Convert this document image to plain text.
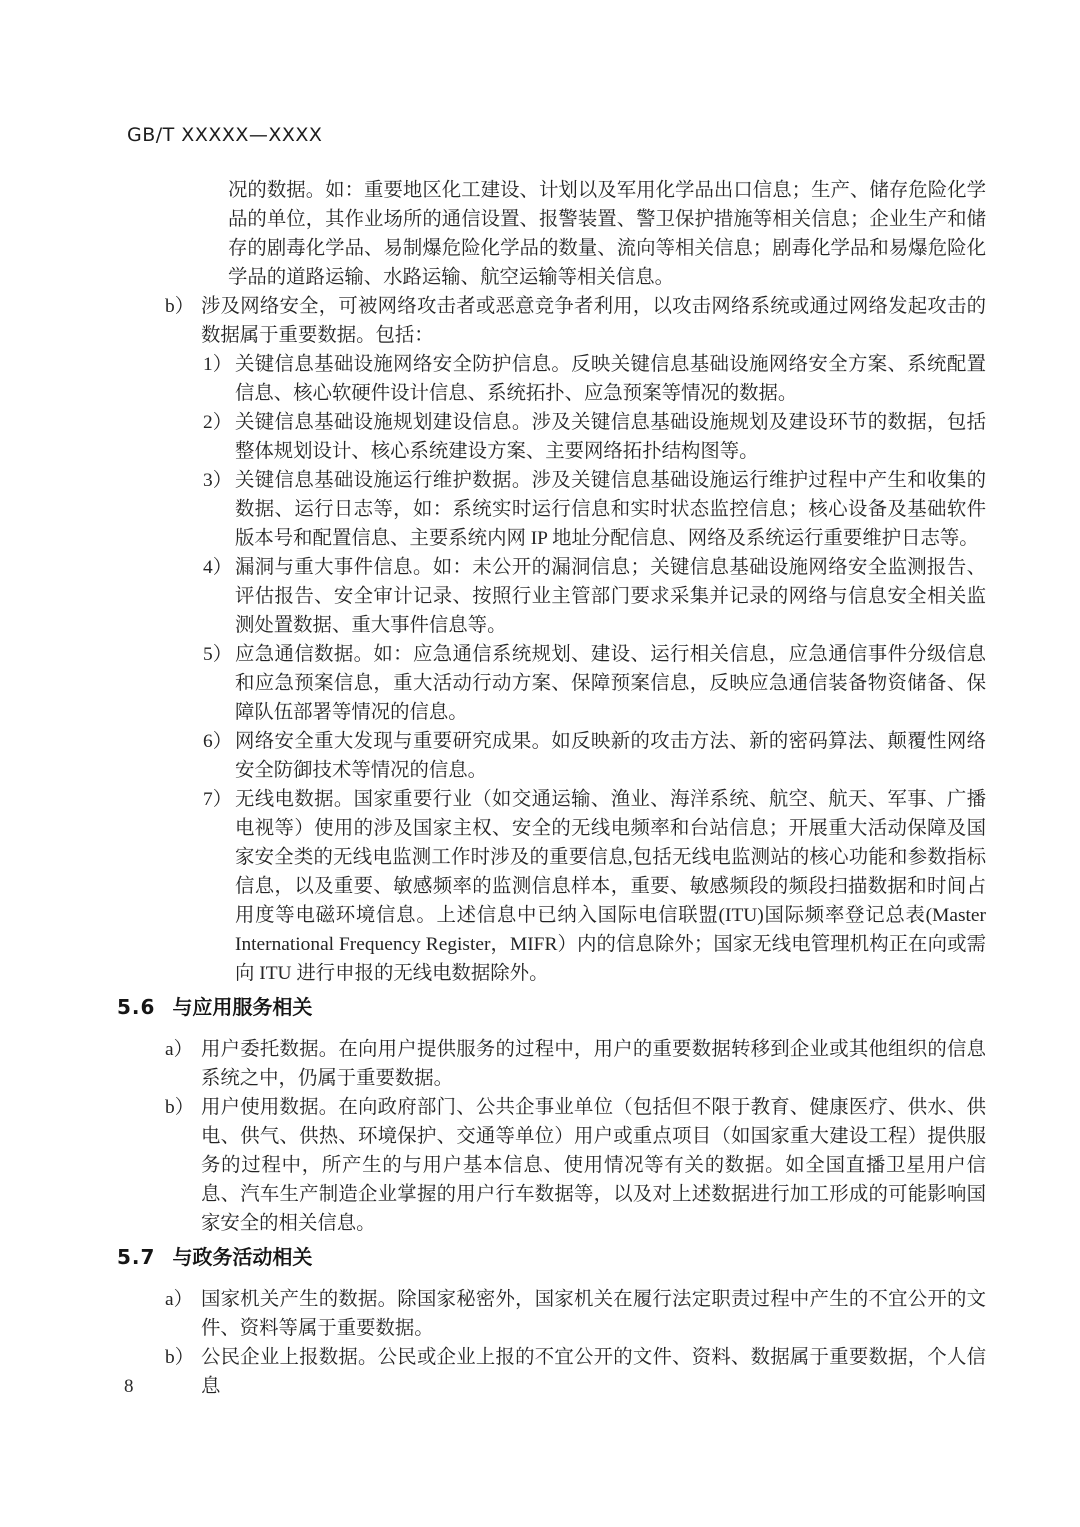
GB/T XXXXX—XXXX

况的数据。如：重要地区化工建设、计划以及军用化学品出口信息；生产、储存危险化学品的单位，其作业场所的通信设置、报警装置、警卫保护措施等相关信息；企业生产和储存的剧毒化学品、易制爆危险化学品的数量、流向等相关信息；剧毒化学品和易爆危险化学品的道路运输、水路运输、航空运输等相关信息。

b） 涉及网络安全，可被网络攻击者或恶意竞争者利用，以攻击网络系统或通过网络发起攻击的数据属于重要数据。包括：
1） 关键信息基础设施网络安全防护信息。反映关键信息基础设施网络安全方案、系统配置信息、核心软硬件设计信息、系统拓扑、应急预案等情况的数据。
2） 关键信息基础设施规划建设信息。涉及关键信息基础设施规划及建设环节的数据，包括整体规划设计、核心系统建设方案、主要网络拓扑结构图等。
3） 关键信息基础设施运行维护数据。涉及关键信息基础设施运行维护过程中产生和收集的数据、运行日志等，如：系统实时运行信息和实时状态监控信息；核心设备及基础软件版本号和配置信息、主要系统内网 IP 地址分配信息、网络及系统运行重要维护日志等。
4） 漏洞与重大事件信息。如：未公开的漏洞信息；关键信息基础设施网络安全监测报告、评估报告、安全审计记录、按照行业主管部门要求采集并记录的网络与信息安全相关监测处置数据、重大事件信息等。
5） 应急通信数据。如：应急通信系统规划、建设、运行相关信息，应急通信事件分级信息和应急预案信息，重大活动行动方案、保障预案信息，反映应急通信装备物资储备、保障队伍部署等情况的信息。
6） 网络安全重大发现与重要研究成果。如反映新的攻击方法、新的密码算法、颠覆性网络安全防御技术等情况的信息。
7） 无线电数据。国家重要行业（如交通运输、渔业、海洋系统、航空、航天、军事、广播电视等）使用的涉及国家主权、安全的无线电频率和台站信息；开展重大活动保障及国家安全类的无线电监测工作时涉及的重要信息,包括无线电监测站的核心功能和参数指标信息，以及重要、敏感频率的监测信息样本，重要、敏感频段的频段扫描数据和时间占用度等电磁环境信息。上述信息中已纳入国际电信联盟(ITU)国际频率登记总表(Master International Frequency Register，MIFR）内的信息除外；国家无线电管理机构正在向或需向 ITU 进行申报的无线电数据除外。
5.6 与应用服务相关
a） 用户委托数据。在向用户提供服务的过程中，用户的重要数据转移到企业或其他组织的信息系统之中，仍属于重要数据。
b） 用户使用数据。在向政府部门、公共企事业单位（包括但不限于教育、健康医疗、供水、供电、供气、供热、环境保护、交通等单位）用户或重点项目（如国家重大建设工程）提供服务的过程中，所产生的与用户基本信息、使用情况等有关的数据。如全国直播卫星用户信息、汽车生产制造企业掌握的用户行车数据等，以及对上述数据进行加工形成的可能影响国家安全的相关信息。
5.7 与政务活动相关
a） 国家机关产生的数据。除国家秘密外，国家机关在履行法定职责过程中产生的不宜公开的文件、资料等属于重要数据。
b） 公民企业上报数据。公民或企业上报的不宜公开的文件、资料、数据属于重要数据，个人信息
8
